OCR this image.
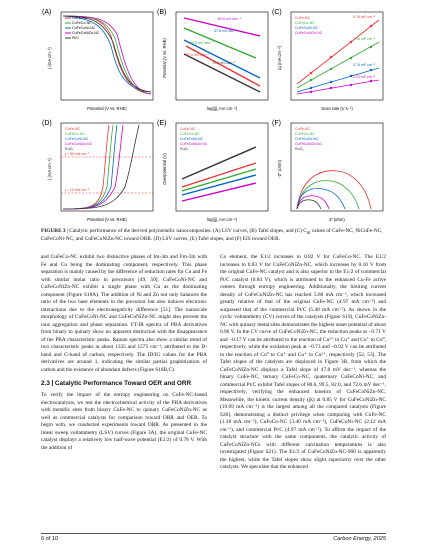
(A)
CuFe-NC
CuFeCo-NC
CuFeCoNi-NC
CuFeCoNiZn-NC
Pt/C
Potential (V vs. RHE)
j (mA cm⁻²)
(B)
89.6 mV dec⁻¹
47.8 mV dec⁻¹
99.5 mV dec⁻¹
82.0 mV dec⁻¹
72.6 mV dec⁻¹
log(|j|, mA cm⁻²)
Potential (V vs. RHE)
(C)
CuFe-NC
CuFeCo-NC
CuFeCoNi-NC
CuFeCoNiZn-NC
9.76 mF cm⁻²
7.04 mF cm⁻²
3.76 mF cm⁻²
2.22 mF cm⁻²
Scan rate (V s⁻¹)
Δj (mA cm⁻²)
(D)
CuFe-NC
CuFeCo-NC
CuFeCoNi-NC
CuFeCoNiZn-NC
RuO₂
j = 50 mA cm⁻²
j = 10 mA cm⁻²
Potential (V vs. RHE)
j (mA cm⁻²)
(E)
CuFe-NC
CuFeCo-NC
CuFeCoNi-NC
CuFeCoNiZn-NC
RuO₂
log(|j|, mA cm⁻²)
Overpotential (V)
(F)
CuFe-NC
CuFeCo-NC
CuFeCoNi-NC
CuFeCoNiZn-NC
RuO₂
Z' (ohm)
-Z'' (ohm)
FIGURE 3 | Catalytic performance of the derived polymetallic nanocomposites. (A) LSV curves, (B) Tafel slopes, and (C) $C_{dl}$ values of CuFe-NC, NiCuFe-NC, CuFeCoNi-NC, and CuFeCoNiZn-NC toward ORR. (D) LSV curves, (E) Tafel slopes, and (F) EIS toward OER.

and CuFeCo-NC exhibit two distinctive phases of Im-3m and Fm-3m with Fe and Cu being the dominating component, respectively. This phase separation is mainly caused by the difference of reduction rates for Cu and Fe with similar molar ratio in precursors [49, 50]. CuFeCoNi-NC and CuFeCoNiZn-NC exhibit a single phase with Cu as the dominating component (Figure S18A). The addition of Ni and Zn not only balances the ratio of the two base elements in the precursor but also induces electronic interactions due to the electronegativity difference [51]. The nanoscale morphology of CuFeCoNi-NC and CuFeCoNiZn-NC might also prevent the ions aggregation and phase separation. FT-IR spectra of PBA derivatives from binary to quinary show no apparent distinction with the disappearance of the PBA characteristic peaks. Raman spectra also show a similar trend of two characteristic peaks at about 1335 and 1575 cm⁻¹, attributed to the D-band and G-band of carbon, respectively. The ID/IG values for the PBA derivatives are around 1, indicating the similar partial graphitization of carbon and the existence of abundant defects (Figure S18B,C).

2.3 Catalytic Performance Toward OER and ORR

To verify the impact of the entropy engineering on CuFe-NC-based electrocatalysts, we test the electrochemical activity of the PBA derivatives with metallic sites from binary CuFe-NC to quinary CuFeCoNiZn-NC as well as commercial catalysts for comparison toward ORR and OER. To begin with, we conducted experiments toward ORR. As presented in the linear sweep voltammetry (LSV) curves (Figure 3A), the original CuFe-NC catalyst displays a relatively low half-wave potential (E1/2) of 0.78 V. With the addition of

Co element, the E1/2 increases to 0.82 V for CuFeCo-NC. The E1/2 increases to 0.83 V for CuFeCoNiZn-NC, which increases by 0.10 V from the original CuFe-NC catalyst and is also superior to the E1/2 of commercial Pt/C catalyst (0.84 V), which is attributed to the enhanced Cu-Fe active centers through entropy engineering. Additionally, the limiting current density of CuFeCoNiZn-NC has reached 5.68 mA cm⁻², which increased greatly relative of that of the original CuFe-NC (4.97 mA cm⁻²) and surpassed that of the commercial Pt/C (5.48 mA cm⁻²). As shown in the cyclic voltammetry (CV) curves of the catalysts (Figure S19), CuFeCoNiZn-NC with quinary metal sites demonstrates the highest onset potential of about 0.96 V. In the CV curve of CuFeCoNiZn-NC, the reduction peaks at −0.71 V and −0.17 V can be attributed to the reaction of Cu²⁺ to Cu⁺ and Cu⁺ to Cu⁰, respectively, while the oxidation peak at −0.73 and −0.92 V can be attributed to the reaction of Cu⁰ to Cu⁺ and Cu⁺ to Cu²⁺, respectively [52, 53]. The Tafel slopes of the catalysts are displayed in Figure 3B, from which the CuFeCoNiZn-NC displays a Tafel slope of 47.8 mV dec⁻¹, whereas the binary CuFe-NC, ternary CuFeCo-NC, quaternary CuFeCoNi-NC, and commercial Pt/C exhibit Tafel slopes of 88.6, 99.5, 82.0, and 72.6 mV dec⁻¹, respectively, verifying the enhanced kinetics of CuFeCoNiZn-NC. Meanwhile, the kinetic current density (jk) at 0.85 V for CuFeCoNiZn-NC (19.69 mA cm⁻²) is the largest among all the compared catalysts (Figure S20), demonstrating a distinct privilege when comparing with CuFe-NC (1.18 mA cm⁻²), CuFeCo-NC (3.40 mA cm⁻²), CuFeCoNi-NC (2.12 mA cm⁻²), and commercial Pt/C (4.97 mA cm⁻²). To affirm the impact of the catalyst structure with the same components, the catalytic activity of CuFeCoNiZn-NCs with different calcination temperatures is also investigated (Figure S21). The E1/2 of CuFeCoNiZn-NC-900 is apparently the highest, while the Tafel slopes show slight superiority over the other catalysts. We speculate that the enhanced

6 of 10	Carbon Energy, 2025
